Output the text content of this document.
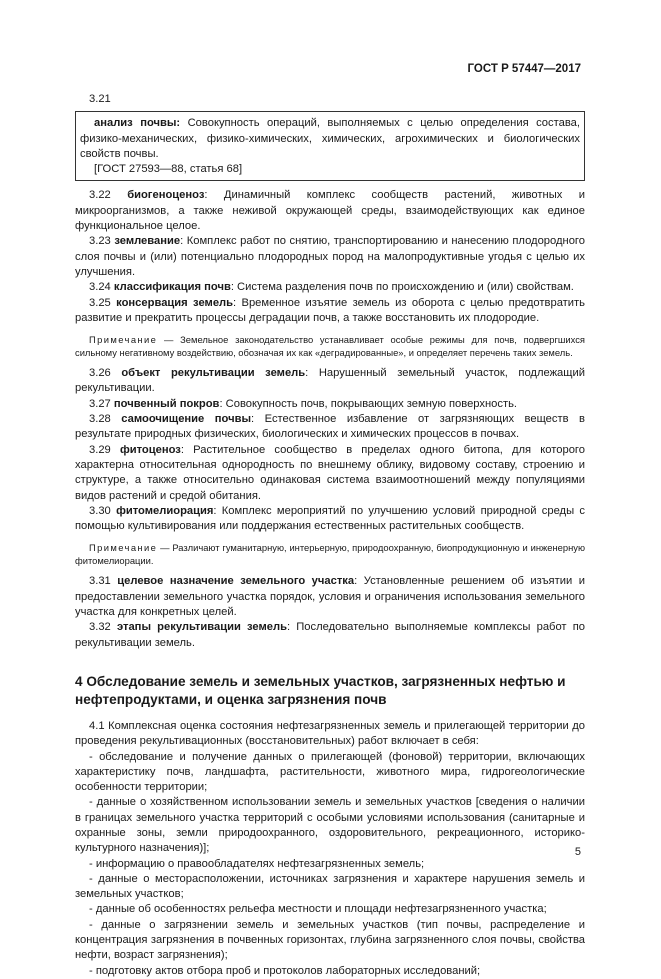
ГОСТ Р 57447—2017

3.21

анализ почвы: Совокупность операций, выполняемых с целью определения состава, физико-механических, физико-химических, химических, агрохимических и биологических свойств почвы.

[ГОСТ 27593—88, статья 68]

3.22 биогеноценоз: Динамичный комплекс сообществ растений, животных и микроорганизмов, а также неживой окружающей среды, взаимодействующих как единое функциональное целое.

3.23 землевание: Комплекс работ по снятию, транспортированию и нанесению плодородного слоя почвы и (или) потенциально плодородных пород на малопродуктивные угодья с целью их улучшения.

3.24 классификация почв: Система разделения почв по происхождению и (или) свойствам.

3.25 консервация земель: Временное изъятие земель из оборота с целью предотвратить развитие и прекратить процессы деградации почв, а также восстановить их плодородие.

Примечание — Земельное законодательство устанавливает особые режимы для почв, подвергшихся сильному негативному воздействию, обозначая их как «деградированные», и определяет перечень таких земель.

3.26 объект рекультивации земель: Нарушенный земельный участок, подлежащий рекультивации.

3.27 почвенный покров: Совокупность почв, покрывающих земную поверхность.

3.28 самоочищение почвы: Естественное избавление от загрязняющих веществ в результате природных физических, биологических и химических процессов в почвах.

3.29 фитоценоз: Растительное сообщество в пределах одного битопа, для которого характерна относительная однородность по внешнему облику, видовому составу, строению и структуре, а также относительно одинаковая система взаимоотношений между популяциями видов растений и средой обитания.

3.30 фитомелиорация: Комплекс мероприятий по улучшению условий природной среды с помощью культивирования или поддержания естественных растительных сообществ.

Примечание — Различают гуманитарную, интерьерную, природоохранную, биопродукционную и инженерную фитомелиорации.

3.31 целевое назначение земельного участка: Установленные решением об изъятии и предоставлении земельного участка порядок, условия и ограничения использования земельного участка для конкретных целей.

3.32 этапы рекультивации земель: Последовательно выполняемые комплексы работ по рекультивации земель.

4 Обследование земель и земельных участков, загрязненных нефтью и нефтепродуктами, и оценка загрязнения почв

4.1 Комплексная оценка состояния нефтезагрязненных земель и прилегающей территории до проведения рекультивационных (восстановительных) работ включает в себя:

- обследование и получение данных о прилегающей (фоновой) территории, включающих характеристику почв, ландшафта, растительности, животного мира, гидрогеологические особенности территории;

- данные о хозяйственном использовании земель и земельных участков [сведения о наличии в границах земельного участка территорий с особыми условиями использования (санитарные и охранные зоны, земли природоохранного, оздоровительного, рекреационного, историко-культурного назначения)];

- информацию о правообладателях нефтезагрязненных земель;

- данные о месторасположении, источниках загрязнения и характере нарушения земель и земельных участков;

- данные об особенностях рельефа местности и площади нефтезагрязненного участка;

- данные о загрязнении земель и земельных участков (тип почвы, распределение и концентрация загрязнения в почвенных горизонтах, глубина загрязненного слоя почвы, свойства нефти, возраст загрязнения);

- подготовку актов отбора проб и протоколов лабораторных исследований;

5
